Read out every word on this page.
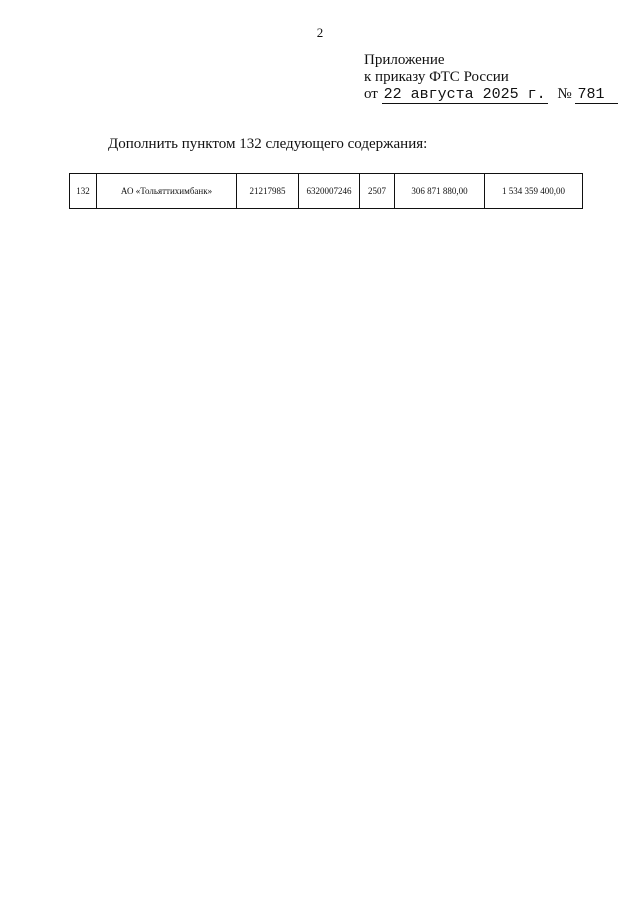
2
Приложение
к приказу ФТС России
от 22 августа 2025 г. № 781
Дополнить пунктом 132 следующего содержания:
132	АО «Тольяттихимбанк»	21217985	6320007246	2507	306 871 880,00	1 534 359 400,00
